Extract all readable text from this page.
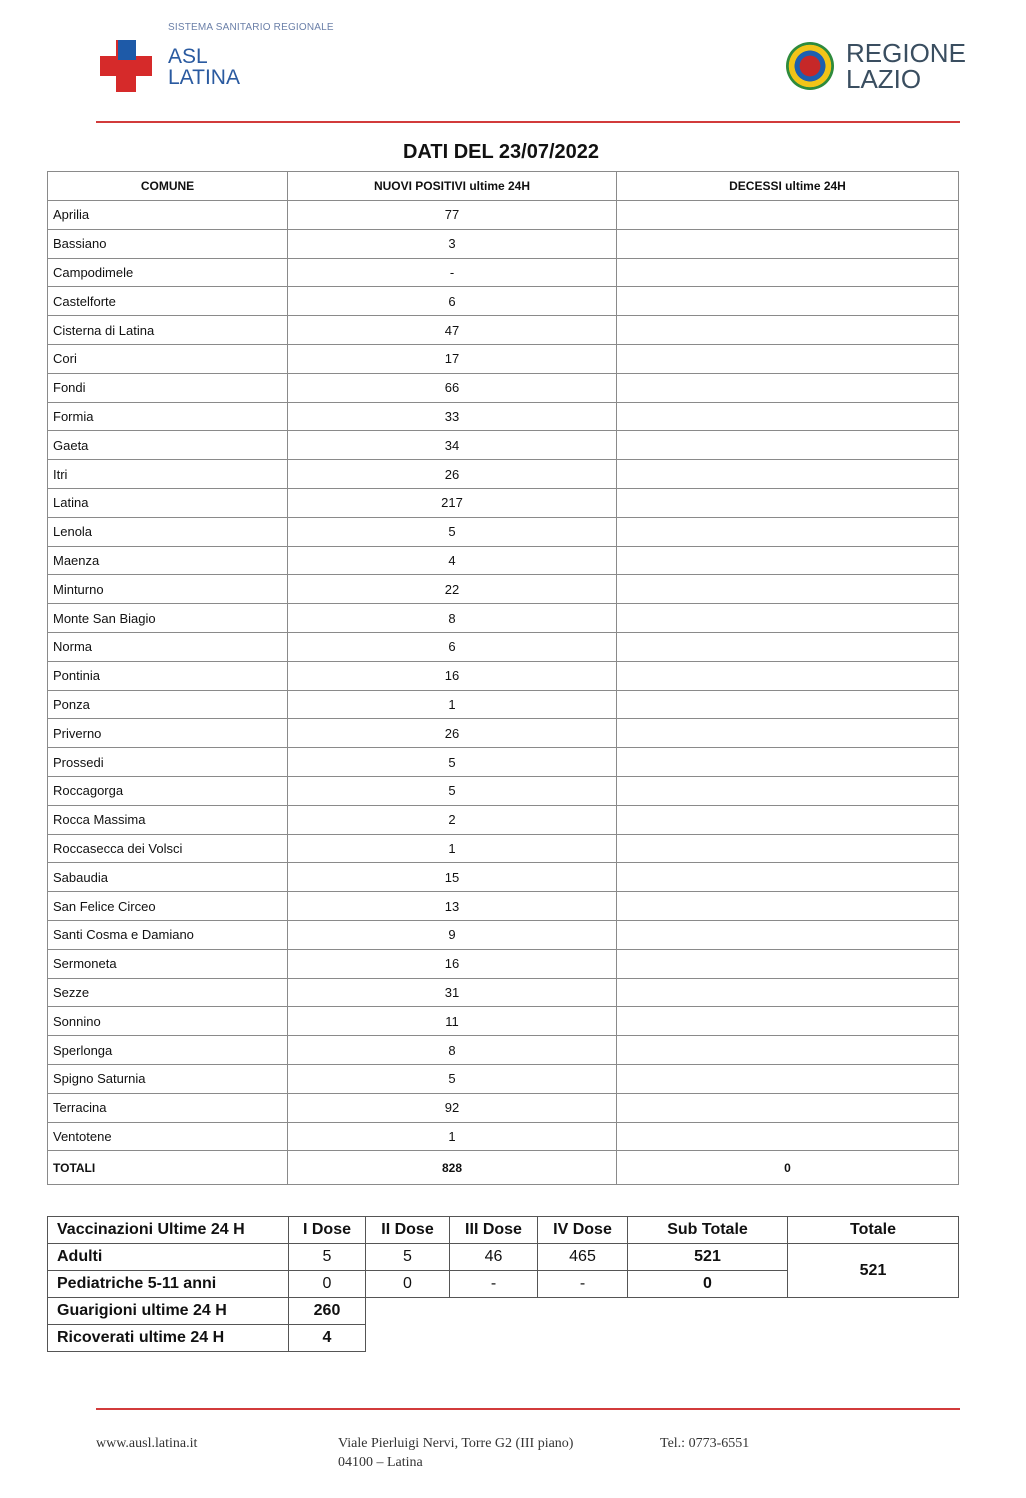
SISTEMA SANITARIO REGIONALE
ASL
LATINA
REGIONE
LAZIO
DATI DEL 23/07/2022
COMUNE	NUOVI POSITIVI ultime 24H	DECESSI ultime 24H
Aprilia	77	
Bassiano	3	
Campodimele	-	
Castelforte	6	
Cisterna di Latina	47	
Cori	17	
Fondi	66	
Formia	33	
Gaeta	34	
Itri	26	
Latina	217	
Lenola	5	
Maenza	4	
Minturno	22	
Monte San Biagio	8	
Norma	6	
Pontinia	16	
Ponza	1	
Priverno	26	
Prossedi	5	
Roccagorga	5	
Rocca Massima	2	
Roccasecca dei Volsci	1	
Sabaudia	15	
San Felice Circeo	13	
Santi Cosma e Damiano	9	
Sermoneta	16	
Sezze	31	
Sonnino	11	
Sperlonga	8	
Spigno Saturnia	5	
Terracina	92	
Ventotene	1	
TOTALI	828	0
Vaccinazioni Ultime 24 H	I Dose	II Dose	III Dose	IV Dose	Sub Totale	Totale
Adulti	5	5	46	465	521	521
Pediatriche 5-11 anni	0	0	-	-	0	
Guarigioni ultime 24 H	260					
Ricoverati ultime 24 H	4					
www.ausl.latina.it	Viale Pierluigi Nervi, Torre G2 (III piano)
04100 – Latina
Tel.: 0773-6551
